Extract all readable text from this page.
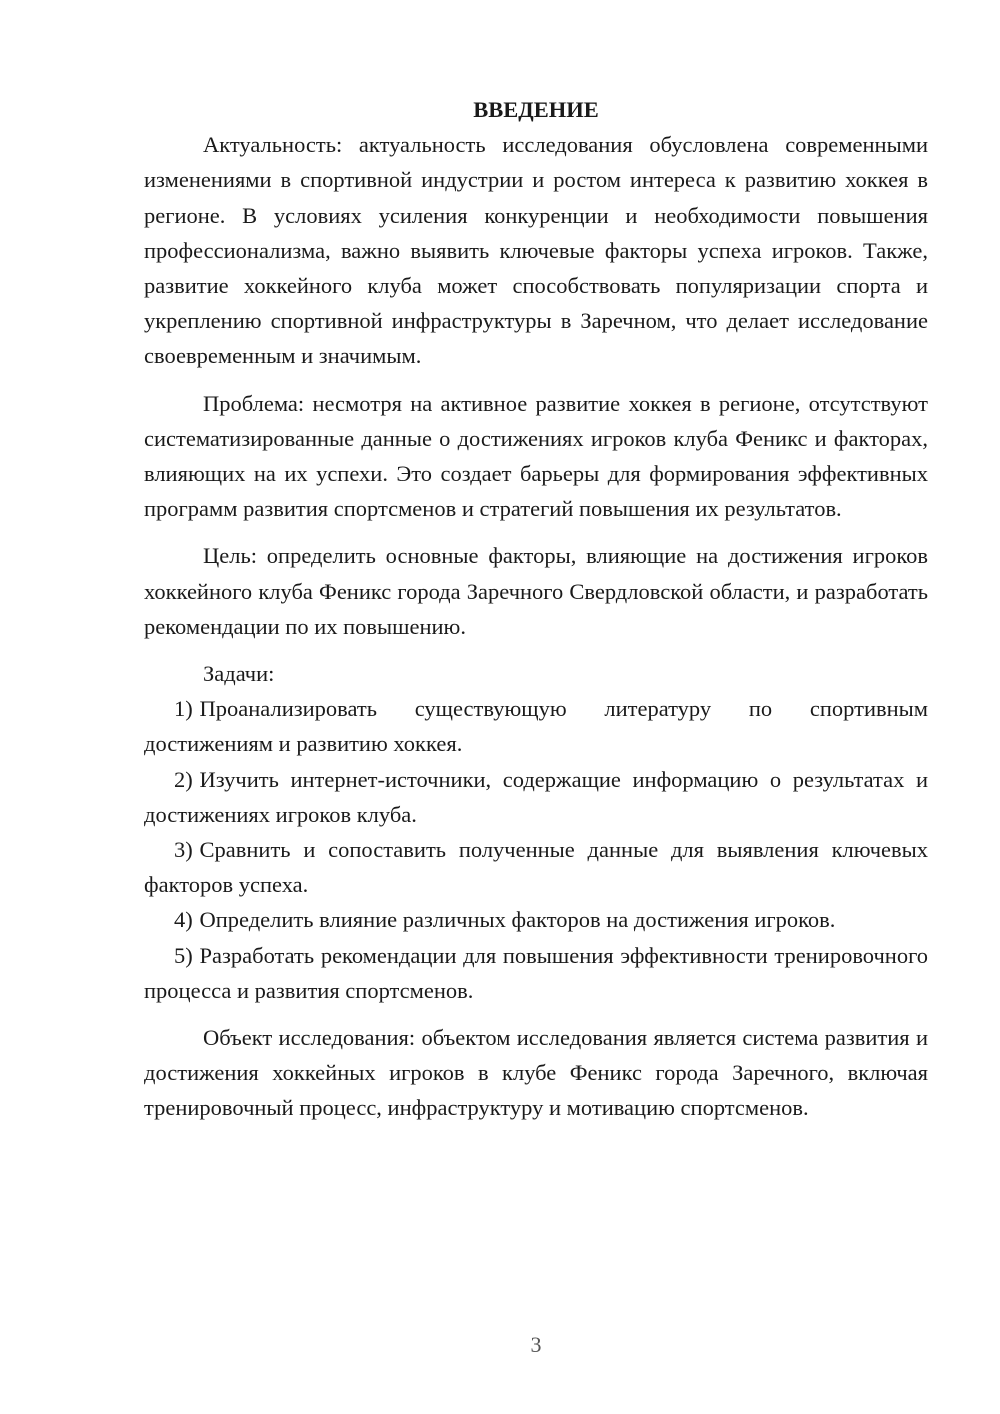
ВВЕДЕНИЕ

Актуальность: актуальность исследования обусловлена современными изменениями в спортивной индустрии и ростом интереса к развитию хоккея в регионе. В условиях усиления конкуренции и необходимости повышения профессионализма, важно выявить ключевые факторы успеха игроков. Также, развитие хоккейного клуба может способствовать популяризации спорта и укреплению спортивной инфраструктуры в Заречном, что делает исследование своевременным и значимым.

Проблема: несмотря на активное развитие хоккея в регионе, отсутствуют систематизированные данные о достижениях игроков клуба Феникс и факторах, влияющих на их успехи. Это создает барьеры для формирования эффективных программ развития спортсменов и стратегий повышения их результатов.

Цель: определить основные факторы, влияющие на достижения игроков хоккейного клуба Феникс города Заречного Свердловской области, и разработать рекомендации по их повышению.

Задачи:

1) Проанализировать существующую литературу по спортивным достижениям и развитию хоккея.

2) Изучить интернет-источники, содержащие информацию о результатах и достижениях игроков клуба.

3) Сравнить и сопоставить полученные данные для выявления ключевых факторов успеха.

4) Определить влияние различных факторов на достижения игроков.

5) Разработать рекомендации для повышения эффективности тренировочного процесса и развития спортсменов.

Объект исследования: объектом исследования является система развития и достижения хоккейных игроков в клубе Феникс города Заречного, включая тренировочный процесс, инфраструктуру и мотивацию спортсменов.

3
